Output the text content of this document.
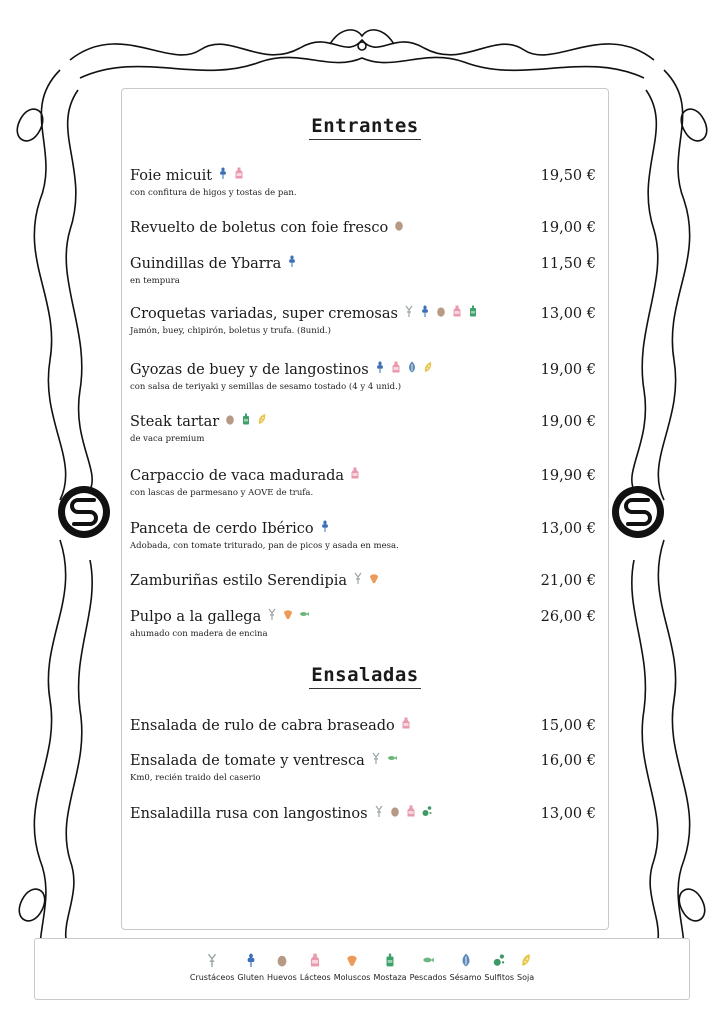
Entrantes
Foie micuit
con confitura de higos y tostas de pan.
19,50 €
Revuelto de boletus con foie fresco	19,00 €
Guindillas de Ybarra
en tempura
11,50 €
Croquetas variadas, super cremosas
Jamón, buey, chipirón, boletus y trufa. (8unid.)
13,00 €
Gyozas de buey y de langostinos
con salsa de teriyaki y semillas de sesamo tostado (4 y 4 unid.)
19,00 €
Steak tartar
de vaca premium
19,00 €
Carpaccio de vaca madurada
con lascas de parmesano y AOVE de trufa.
19,90 €
Panceta de cerdo Ibérico
Adobada, con tomate triturado, pan de picos y asada en mesa.
13,00 €
Zamburiñas estilo Serendipia	21,00 €
Pulpo a la gallega
ahumado con madera de encina
26,00 €
Ensaladas
Ensalada de rulo de cabra braseado	15,00 €
Ensalada de tomate y ventresca
Km0, recién traido del caserio
16,00 €
Ensaladilla rusa con langostinos	13,00 €
Crustáceos Gluten Huevos Lácteos Moluscos Mostaza Pescados Sésamo Sulfitos Soja
